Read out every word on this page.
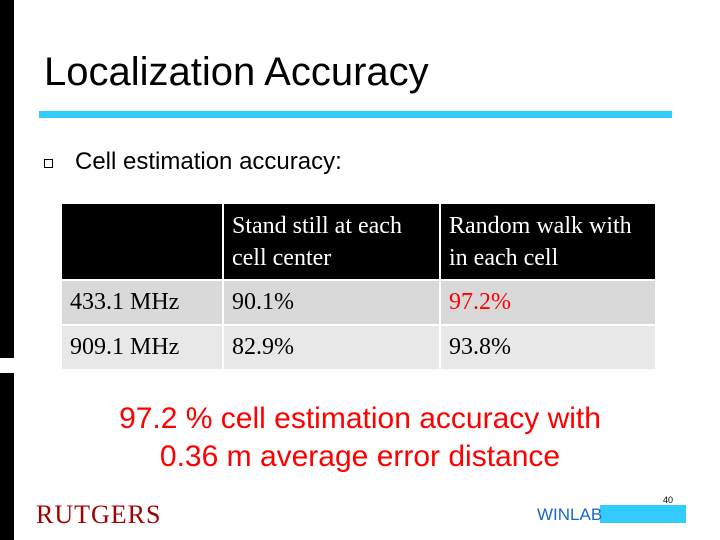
Localization Accuracy
Cell estimation accuracy:
	Stand still at each cell center	Random walk with in each cell
433.1 MHz	90.1%	97.2%
909.1 MHz	82.9%	93.8%
97.2 % cell estimation accuracy with
0.36 m average error distance
RUTGERS	WINLAB
40
